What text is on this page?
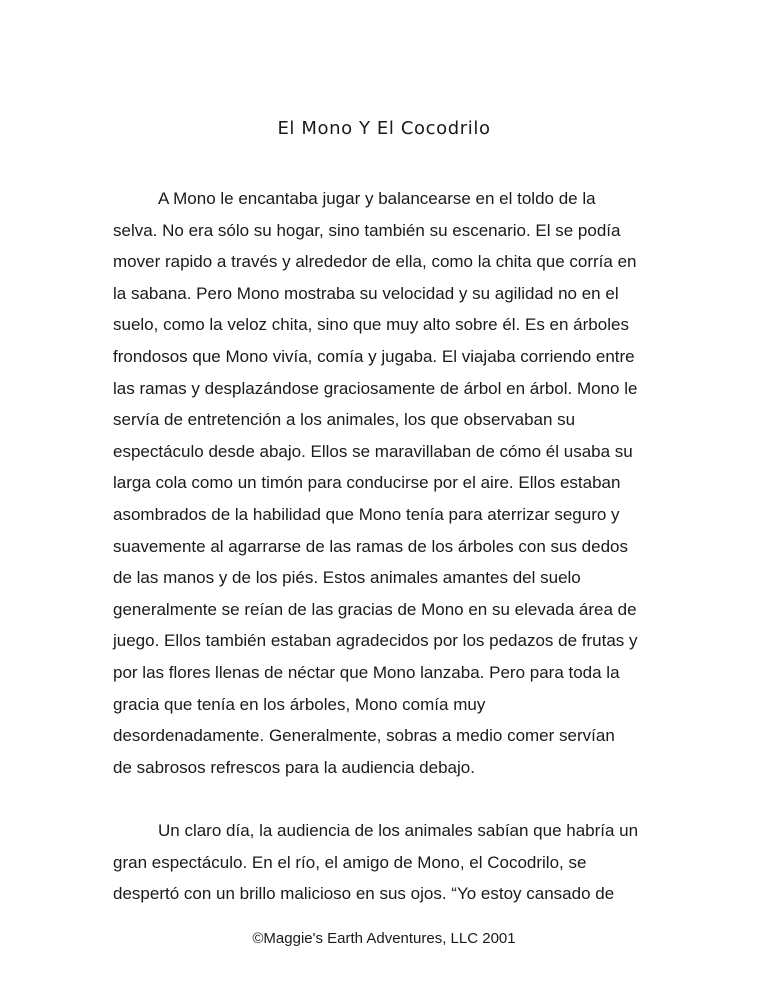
El Mono Y El Cocodrilo
A Mono le encantaba jugar y balancearse en el toldo de la
selva. No era sólo su hogar, sino también su escenario. El se podía
mover rapido a través y alrededor de ella, como la chita que corría en
la sabana. Pero Mono mostraba su velocidad y su agilidad no en el
suelo, como la veloz chita, sino que muy alto sobre él. Es en árboles
frondosos que Mono vivía, comía y jugaba. El viajaba corriendo entre
las ramas y desplazándose graciosamente de árbol en árbol. Mono le
servía de entretención a los animales, los que observaban su
espectáculo desde abajo. Ellos se maravillaban de cómo él usaba su
larga cola como un timón para conducirse por el aire. Ellos estaban
asombrados de la habilidad que Mono tenía para aterrizar seguro y
suavemente al agarrarse de las ramas de los árboles con sus dedos
de las manos y de los piés. Estos animales amantes del suelo
generalmente se reían de las gracias de Mono en su elevada área de
juego. Ellos también estaban agradecidos por los pedazos de frutas y
por las flores llenas de néctar que Mono lanzaba. Pero para toda la
gracia que tenía en los árboles, Mono comía muy
desordenadamente. Generalmente, sobras a medio comer servían
de sabrosos refrescos para la audiencia debajo.
Un claro día, la audiencia de los animales sabían que habría un
gran espectáculo. En el río, el amigo de Mono, el Cocodrilo, se
despertó con un brillo malicioso en sus ojos. “Yo estoy cansado de
©Maggie's Earth Adventures, LLC 2001
